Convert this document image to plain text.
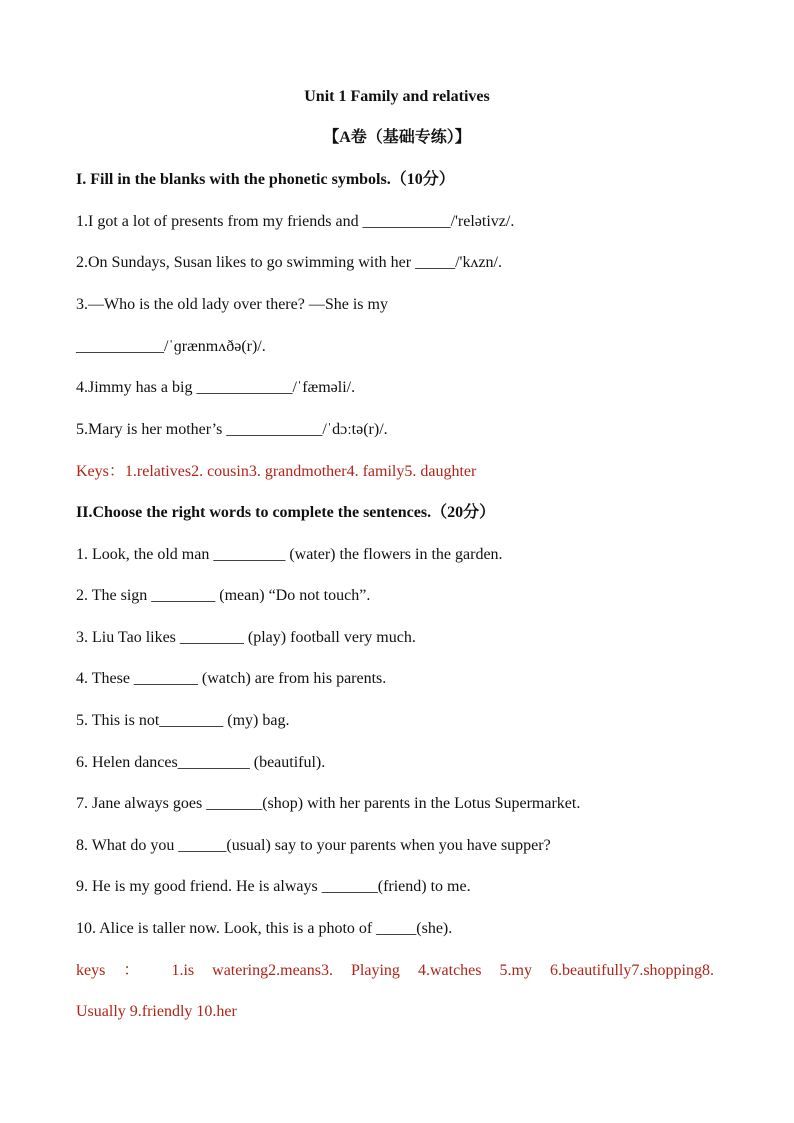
Unit 1 Family and relatives
【A卷（基础专练）】
I. Fill in the blanks with the phonetic symbols.（10分）
1.I got a lot of presents from my friends and ___________/'relətivz/.
2.On Sundays, Susan likes to go swimming with her _____/'kʌzn/.
3.—Who is the old lady over there? —She is my
___________/ˈɡrænmʌðə(r)/.
4.Jimmy has a big ____________/ˈfæməli/.
5.Mary is her mother’s ____________/ˈdɔːtə(r)/.
Keys：1.relatives2. cousin3. grandmother4. family5. daughter
II.Choose the right words to complete the sentences.（20分）
1. Look, the old man _________ (water) the flowers in the garden.
2. The sign ________ (mean) “Do not touch”.
3. Liu Tao likes ________ (play) football very much.
4. These ________ (watch) are from his parents.
5. This is not________ (my) bag.
6. Helen dances_________ (beautiful).
7. Jane always goes _______(shop) with her parents in the Lotus Supermarket.
8. What do you ______(usual) say to your parents when you have supper?
9. He is my good friend. He is always _______(friend) to me.
10. Alice is taller now. Look, this is a photo of _____(she).
keys ： 1.is watering2.means3. Playing 4.watches 5.my 6.beautifully7.shopping8.
Usually 9.friendly 10.her
